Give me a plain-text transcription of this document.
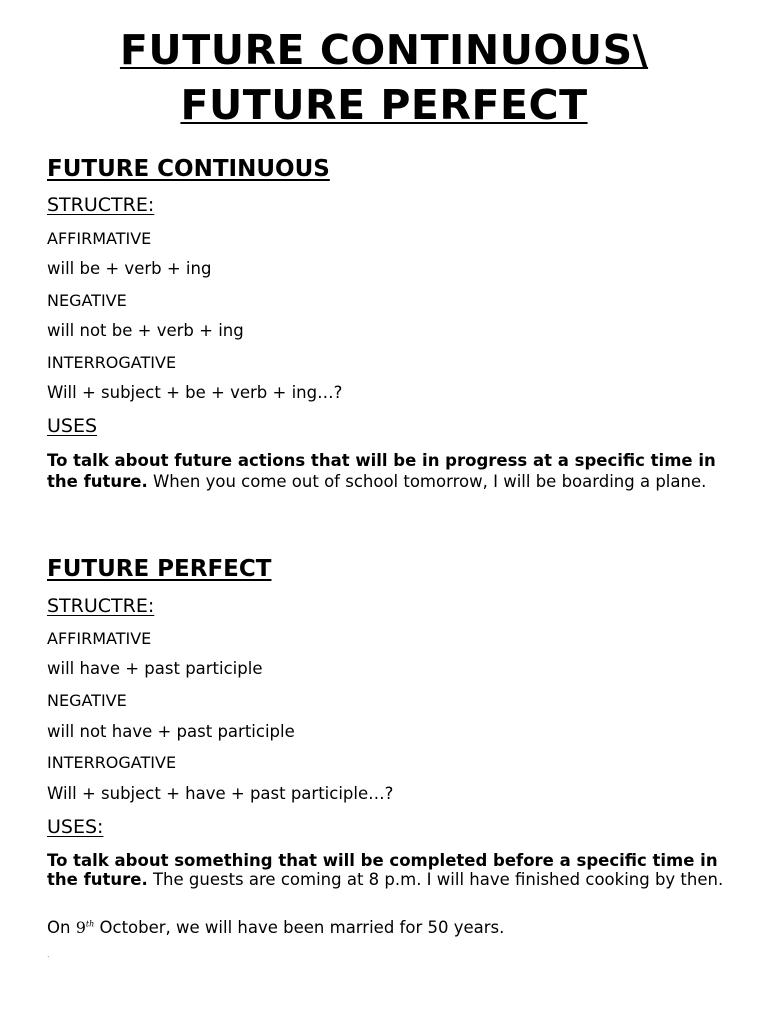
FUTURE CONTINUOUS\
FUTURE PERFECT
FUTURE CONTINUOUS
STRUCTRE:
AFFIRMATIVE
will be + verb + ing
NEGATIVE
will not be + verb + ing
INTERROGATIVE
Will + subject + be + verb + ing…?
USES
To talk about future actions that will be in progress at a specific time in the future. When you come out of school tomorrow, I will be boarding a plane.
FUTURE PERFECT
STRUCTRE:
AFFIRMATIVE
will have + past participle
NEGATIVE
will not have + past participle
INTERROGATIVE
Will + subject + have + past participle…?
USES:
To talk about something that will be completed before a specific time in the future. The guests are coming at 8 p.m. I will have finished cooking by then.
On 9th October, we will have been married for 50 years.
.
